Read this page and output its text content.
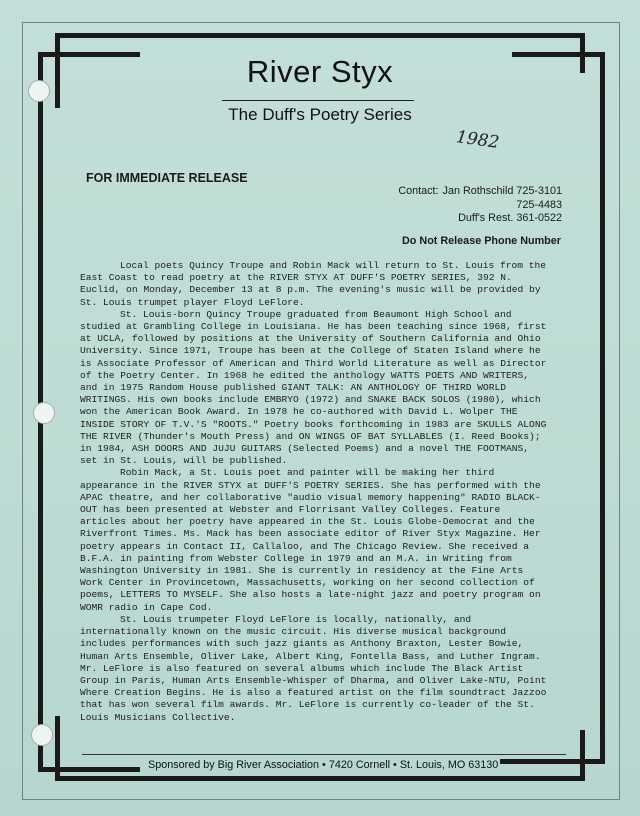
River Styx
The Duff's Poetry Series
1982
FOR IMMEDIATE RELEASE
Contact: Jan Rothschild 725-3101
725-4483
Duff's Rest. 361-0522
Do Not Release Phone Number

Local poets Quincy Troupe and Robin Mack will return to St. Louis from the East Coast to read poetry at the RIVER STYX AT DUFF'S POETRY SERIES, 392 N. Euclid, on Monday, December 13 at 8 p.m. The evening's music will be provided by St. Louis trumpet player Floyd LeFlore.

St. Louis-born Quincy Troupe graduated from Beaumont High School and studied at Grambling College in Louisiana. He has been teaching since 1968, first at UCLA, followed by positions at the University of Southern California and Ohio University. Since 1971, Troupe has been at the College of Staten Island where he is Associate Professor of American and Third World Literature as well as Director of the Poetry Center. In 1968 he edited the anthology WATTS POETS AND WRITERS, and in 1975 Random House published GIANT TALK: AN ANTHOLOGY OF THIRD WORLD WRITINGS. His own books include EMBRYO (1972) and SNAKE BACK SOLOS (1980), which won the American Book Award. In 1978 he co-authored with David L. Wolper THE INSIDE STORY OF T.V.'S "ROOTS." Poetry books forthcoming in 1983 are SKULLS ALONG THE RIVER (Thunder's Mouth Press) and ON WINGS OF BAT SYLLABLES (I. Reed Books); in 1984, ASH DOORS AND JUJU GUITARS (Selected Poems) and a novel THE FOOTMANS, set in St. Louis, will be published.

Robin Mack, a St. Louis poet and painter will be making her third appearance in the RIVER STYX at DUFF'S POETRY SERIES. She has performed with the APAC theatre, and her collaborative "audio visual memory happening" RADIO BLACK-OUT has been presented at Webster and Florrisant Valley Colleges. Feature articles about her poetry have appeared in the St. Louis Globe-Democrat and the Riverfront Times. Ms. Mack has been associate editor of River Styx Magazine. Her poetry appears in Contact II, Callaloo, and The Chicago Review. She received a B.F.A. in painting from Webster College in 1979 and an M.A. in Writing from Washington University in 1981. She is currently in residency at the Fine Arts Work Center in Provincetown, Massachusetts, working on her second collection of poems, LETTERS TO MYSELF. She also hosts a late-night jazz and poetry program on WOMR radio in Cape Cod.

St. Louis trumpeter Floyd LeFlore is locally, nationally, and internationally known on the music circuit. His diverse musical background includes performances with such jazz giants as Anthony Braxton, Lester Bowie, Human Arts Ensemble, Oliver Lake, Albert King, Fontella Bass, and Luther Ingram. Mr. LeFlore is also featured on several albums which include The Black Artist Group in Paris, Human Arts Ensemble-Whisper of Dharma, and Oliver Lake-NTU, Point Where Creation Begins. He is also a featured artist on the film soundtract Jazzoo that has won several film awards. Mr. LeFlore is currently co-leader of the St. Louis Musicians Collective.

Sponsored by Big River Association • 7420 Cornell • St. Louis, MO 63130
